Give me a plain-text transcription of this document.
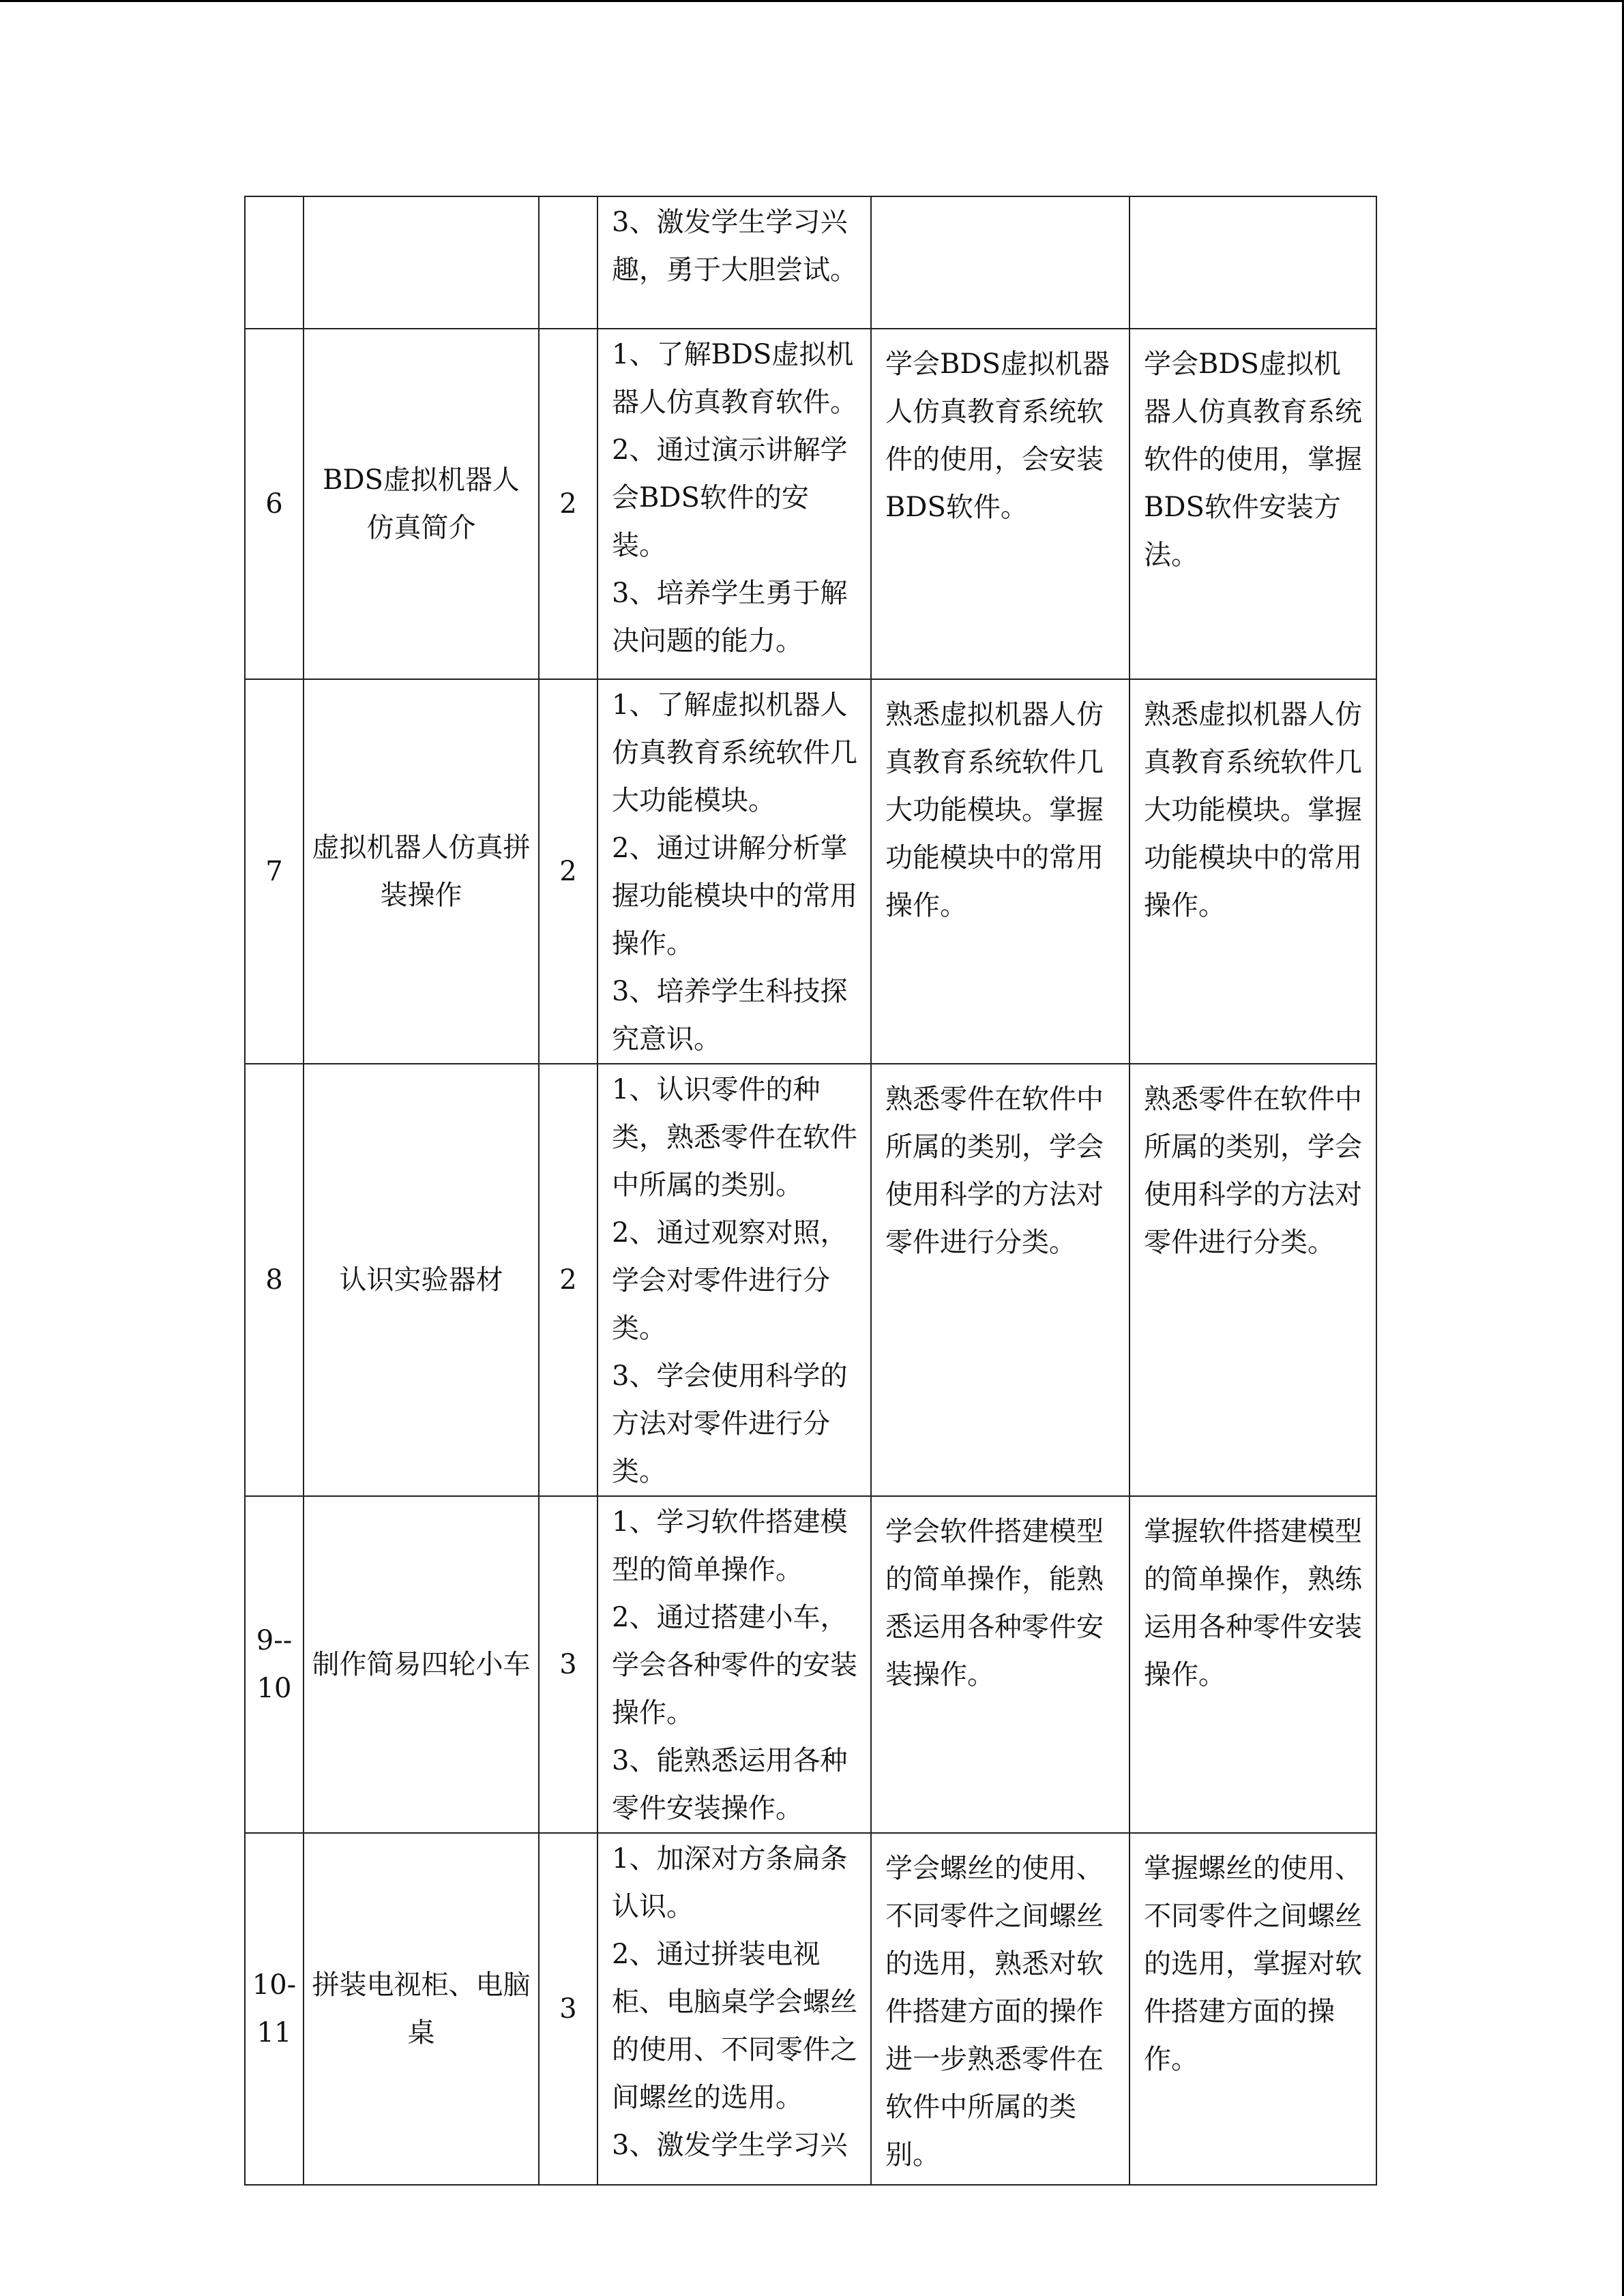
			3、激发学生学习兴趣，勇于大胆尝试。		

6	BDS虚拟机器人仿真简介	2	1、了解BDS虚拟机器人仿真教育软件。
2、通过演示讲解学会BDS软件的安装。
3、培养学生勇于解决问题的能力。	学会BDS虚拟机器人仿真教育系统软件的使用，会安装BDS软件。	学会BDS虚拟机器人仿真教育系统软件的使用，掌握BDS软件安装方法。
7	虚拟机器人仿真拼装操作	2	1、了解虚拟机器人仿真教育系统软件几大功能模块。
2、通过讲解分析掌握功能模块中的常用操作。
3、培养学生科技探究意识。	熟悉虚拟机器人仿真教育系统软件几大功能模块。掌握功能模块中的常用操作。	熟悉虚拟机器人仿真教育系统软件几大功能模块。掌握功能模块中的常用操作。
8	认识实验器材	2	1、认识零件的种类，熟悉零件在软件中所属的类别。
2、通过观察对照，学会对零件进行分类。
3、学会使用科学的方法对零件进行分类。	熟悉零件在软件中所属的类别，学会使用科学的方法对零件进行分类。	熟悉零件在软件中所属的类别，学会使用科学的方法对零件进行分类。
9--10	制作简易四轮小车	3	1、学习软件搭建模型的简单操作。
2、通过搭建小车，学会各种零件的安装操作。
3、能熟悉运用各种零件安装操作。	学会软件搭建模型的简单操作，能熟悉运用各种零件安装操作。	掌握软件搭建模型的简单操作，熟练运用各种零件安装操作。
10-11	拼装电视柜、电脑桌	3	1、加深对方条扁条认识。
2、通过拼装电视柜、电脑桌学会螺丝的使用、不同零件之间螺丝的选用。
3、激发学生学习兴	学会螺丝的使用、不同零件之间螺丝的选用，熟悉对软件搭建方面的操作进一步熟悉零件在软件中所属的类别。	掌握螺丝的使用、不同零件之间螺丝的选用，掌握对软件搭建方面的操作。
